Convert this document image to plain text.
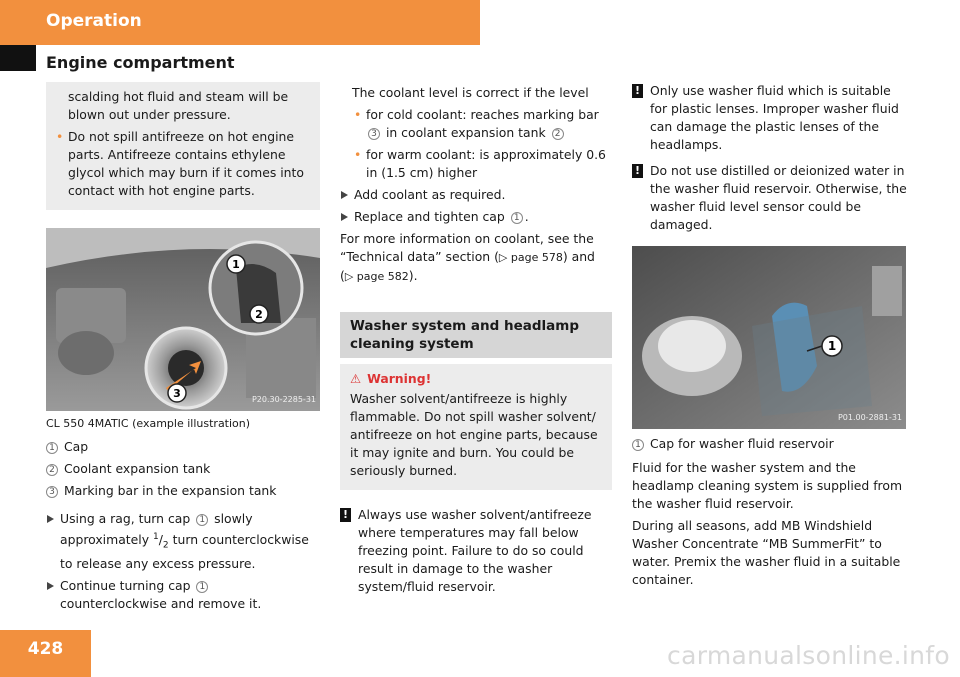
Operation
Engine compartment

scalding hot fluid and steam will be blown out under pressure.

• Do not spill antifreeze on hot engine parts. Antifreeze contains ethylene glycol which may burn if it comes into contact with hot engine parts.

1
2
3	P20.30-2285-31
CL 550 4MATIC (example illustration)

1 Cap

2 Coolant expansion tank

3 Marking bar in the expansion tank

Using a rag, turn cap 1 slowly approximately $^1/_2$ turn counterclockwise to release any excess pressure.

Continue turning cap 1 counterclockwise and remove it.

The coolant level is correct if the level

• for cold coolant: reaches marking bar 3 in coolant expansion tank 2

• for warm coolant: is approximately 0.6 in (1.5 cm) higher

Add coolant as required.

Replace and tighten cap 1 .

For more information on coolant, see the “Technical data” section (▷ page 578) and (▷ page 582).

Washer system and headlamp cleaning system
⚠ Warning!

Washer solvent/antifreeze is highly flammable. Do not spill washer solvent/ antifreeze on hot engine parts, because it may ignite and burn. You could be seriously burned.

! Always use washer solvent/antifreeze where temperatures may fall below freezing point. Failure to do so could result in damage to the washer system/fluid reservoir.
! Only use washer fluid which is suitable for plastic lenses. Improper washer fluid can damage the plastic lenses of the headlamps.
! Do not use distilled or deionized water in the washer fluid reservoir. Otherwise, the washer fluid level sensor could be damaged.
1
P01.00-2881-31

1 Cap for washer fluid reservoir

Fluid for the washer system and the headlamp cleaning system is supplied from the washer fluid reservoir.

During all seasons, add MB Windshield Washer Concentrate “MB SummerFit” to water. Premix the washer fluid in a suitable container.

428	carmanualsonline.info
